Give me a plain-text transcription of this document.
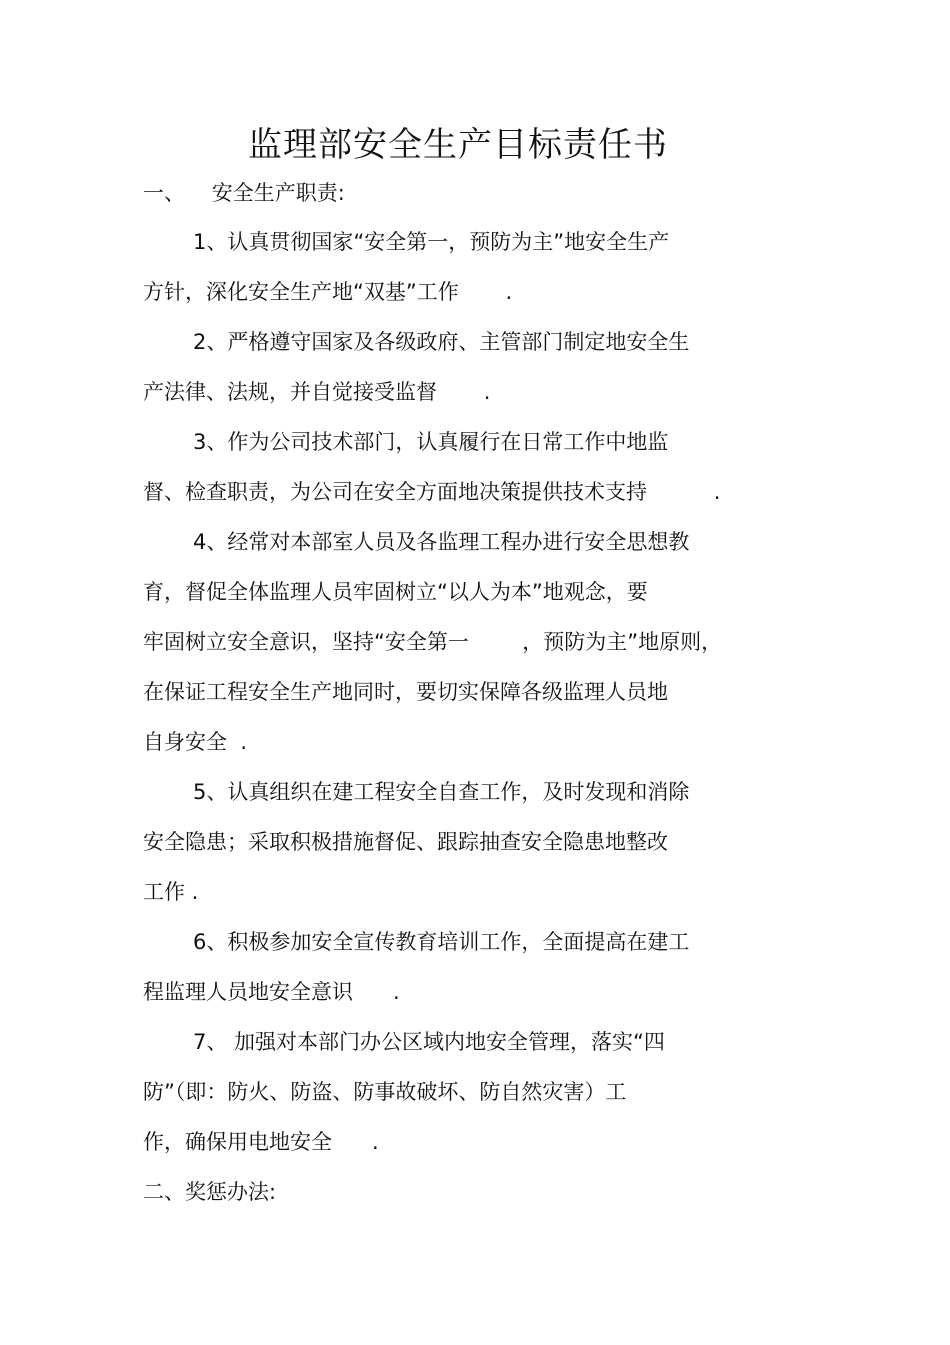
监理部安全生产目标责任书
一、    安全生产职责:
1、认真贯彻国家“安全第一，预防为主”地安全生产
方针，深化安全生产地“双基”工作       .
2、严格遵守国家及各级政府、主管部门制定地安全生
产法律、法规，并自觉接受监督       .
3、作为公司技术部门，认真履行在日常工作中地监
督、检查职责，为公司在安全方面地决策提供技术支持          .
4、经常对本部室人员及各监理工程办进行安全思想教
育，督促全体监理人员牢固树立“以人为本”地观念，要
牢固树立安全意识，坚持“安全第一        ，预防为主”地原则，
在保证工程安全生产地同时，要切实保障各级监理人员地
自身安全  .
5、认真组织在建工程安全自查工作，及时发现和消除
安全隐患；采取积极措施督促、跟踪抽查安全隐患地整改
工作 .
6、积极参加安全宣传教育培训工作，全面提高在建工
程监理人员地安全意识      .
7、 加强对本部门办公区域内地安全管理，落实“四
防”（即：防火、防盗、防事故破坏、防自然灾害）工
作，确保用电地安全      .
二、奖惩办法:
